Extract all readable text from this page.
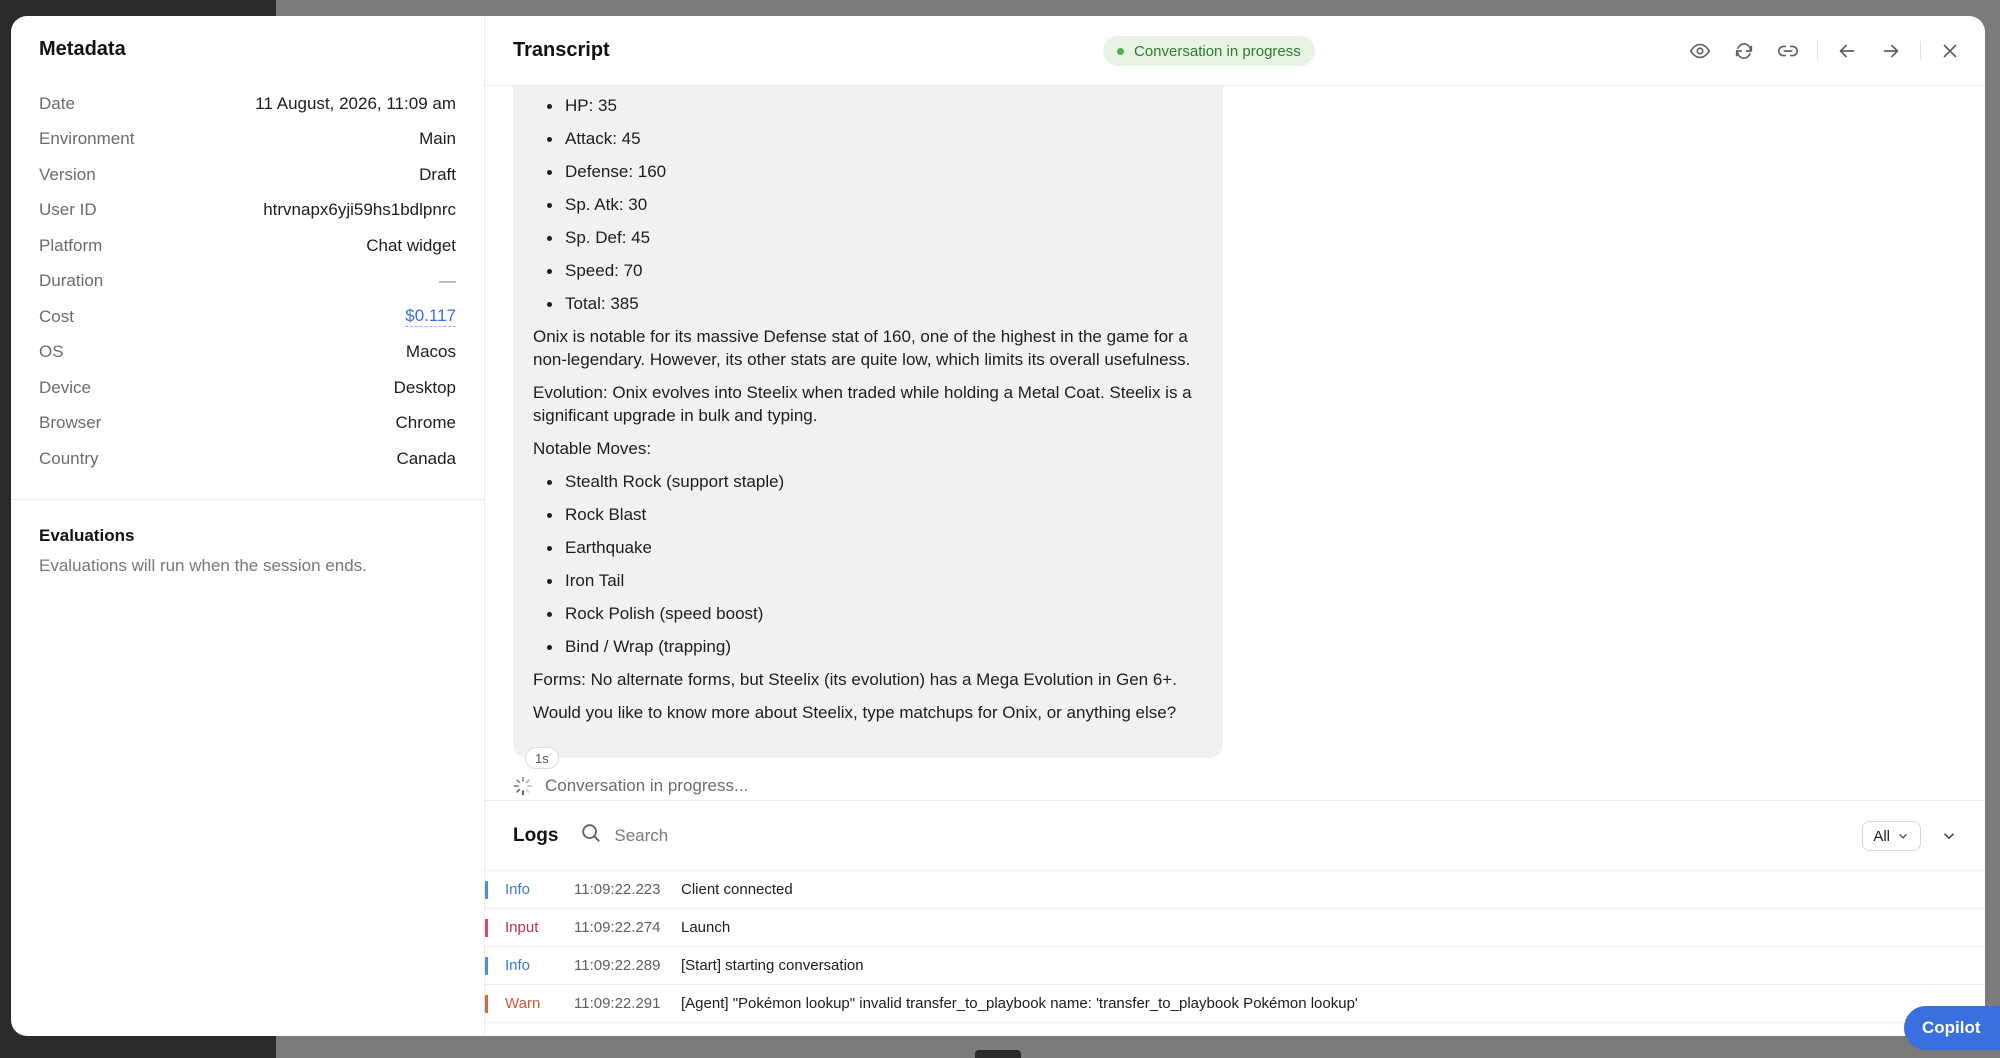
Metadata
Date	11 August, 2026, 11:09 am
Environment	Main
Version	Draft
User ID	htrvnapx6yji59hs1bdlpnrc
Platform	Chat widget
Duration	—
Cost	$0.117
OS	Macos
Device	Desktop
Browser	Chrome
Country	Canada
Evaluations
Evaluations will run when the session ends.
Transcript	Conversation in progress
HP: 35
Attack: 45
Defense: 160
Sp. Atk: 30
Sp. Def: 45
Speed: 70
Total: 385

Onix is notable for its massive Defense stat of 160, one of the highest in the game for a non-legendary. However, its other stats are quite low, which limits its overall usefulness.

Evolution: Onix evolves into Steelix when traded while holding a Metal Coat. Steelix is a significant upgrade in bulk and typing.

Notable Moves:

Stealth Rock (support staple)
Rock Blast
Earthquake
Iron Tail
Rock Polish (speed boost)
Bind / Wrap (trapping)

Forms: No alternate forms, but Steelix (its evolution) has a Mega Evolution in Gen 6+.

Would you like to know more about Steelix, type matchups for Onix, or anything else?

1s
Conversation in progress...
Logs
Search	All
Info	11:09:22.223	Client connected
Input	11:09:22.274	Launch
Info	11:09:22.289	[Start] starting conversation
Warn	11:09:22.291	[Agent] "Pokémon lookup" invalid transfer_to_playbook name: 'transfer_to_playbook Pokémon lookup'
Copilot
